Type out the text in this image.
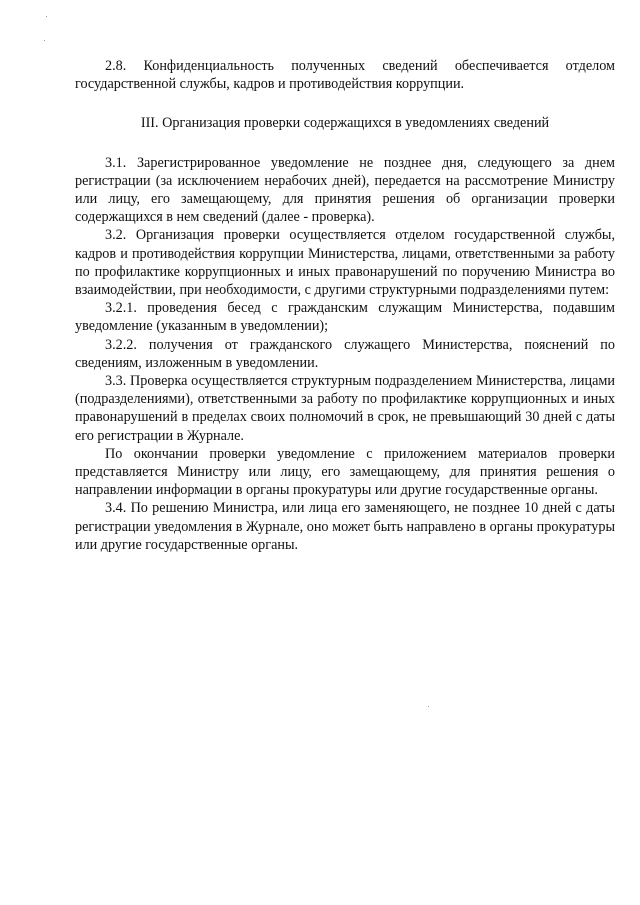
2.8. Конфиденциальность полученных сведений обеспечивается отделом государственной службы, кадров и противодействия коррупции.

III. Организация проверки содержащихся в уведомлениях сведений

3.1. Зарегистрированное уведомление не позднее дня, следующего за днем регистрации (за исключением нерабочих дней), передается на рассмотрение Министру или лицу, его замещающему, для принятия решения об организации проверки содержащихся в нем сведений (далее - проверка).

3.2. Организация проверки осуществляется отделом государственной службы, кадров и противодействия коррупции Министерства, лицами, ответственными за работу по профилактике коррупционных и иных правонарушений по поручению Министра во взаимодействии, при необходимости, с другими структурными подразделениями путем:

3.2.1. проведения бесед с гражданским служащим Министерства, подавшим уведомление (указанным в уведомлении);

3.2.2. получения от гражданского служащего Министерства, пояснений по сведениям, изложенным в уведомлении.

3.3. Проверка осуществляется структурным подразделением Министерства, лицами (подразделениями), ответственными за работу по профилактике коррупционных и иных правонарушений в пределах своих полномочий в срок, не превышающий 30 дней с даты его регистрации в Журнале.

По окончании проверки уведомление с приложением материалов проверки представляется Министру или лицу, его замещающему, для принятия решения о направлении информации в органы прокуратуры или другие государственные органы.

3.4. По решению Министра, или лица его заменяющего, не позднее 10 дней с даты регистрации уведомления в Журнале, оно может быть направлено в органы прокуратуры или другие государственные органы.
